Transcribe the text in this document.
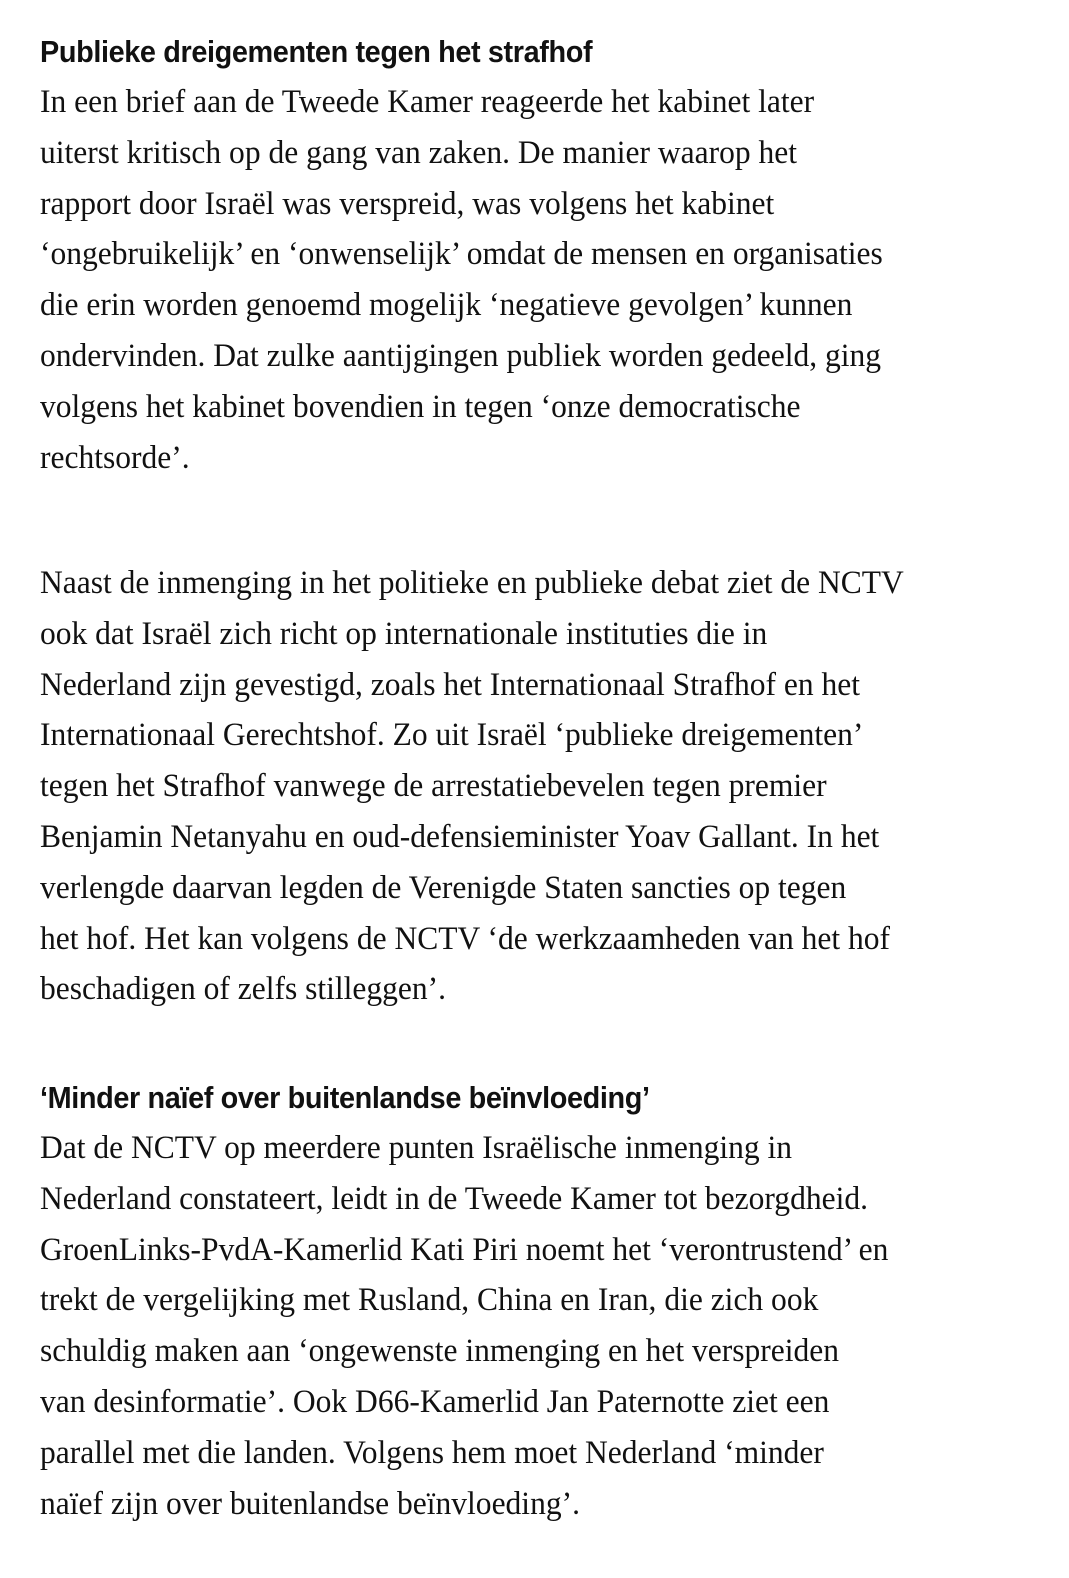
Publieke dreigementen tegen het strafhof

In een brief aan de Tweede Kamer reageerde het kabinet later
uiterst kritisch op de gang van zaken. De manier waarop het
rapport door Israël was verspreid, was volgens het kabinet
‘ongebruikelijk’ en ‘onwenselijk’ omdat de mensen en organisaties
die erin worden genoemd mogelijk ‘negatieve gevolgen’ kunnen
ondervinden. Dat zulke aantijgingen publiek worden gedeeld, ging
volgens het kabinet bovendien in tegen ‘onze democratische
rechtsorde’.

Naast de inmenging in het politieke en publieke debat ziet de NCTV
ook dat Israël zich richt op internationale instituties die in
Nederland zijn gevestigd, zoals het Internationaal Strafhof en het
Internationaal Gerechtshof. Zo uit Israël ‘publieke dreigementen’
tegen het Strafhof vanwege de arrestatiebevelen tegen premier
Benjamin Netanyahu en oud-defensieminister Yoav Gallant. In het
verlengde daarvan legden de Verenigde Staten sancties op tegen
het hof. Het kan volgens de NCTV ‘de werkzaamheden van het hof
beschadigen of zelfs stilleggen’.

‘Minder naïef over buitenlandse beïnvloeding’

Dat de NCTV op meerdere punten Israëlische inmenging in
Nederland constateert, leidt in de Tweede Kamer tot bezorgdheid.
GroenLinks-PvdA-Kamerlid Kati Piri noemt het ‘verontrustend’ en
trekt de vergelijking met Rusland, China en Iran, die zich ook
schuldig maken aan ‘ongewenste inmenging en het verspreiden
van desinformatie’. Ook D66-Kamerlid Jan Paternotte ziet een
parallel met die landen. Volgens hem moet Nederland ‘minder
naïef zijn over buitenlandse beïnvloeding’.
